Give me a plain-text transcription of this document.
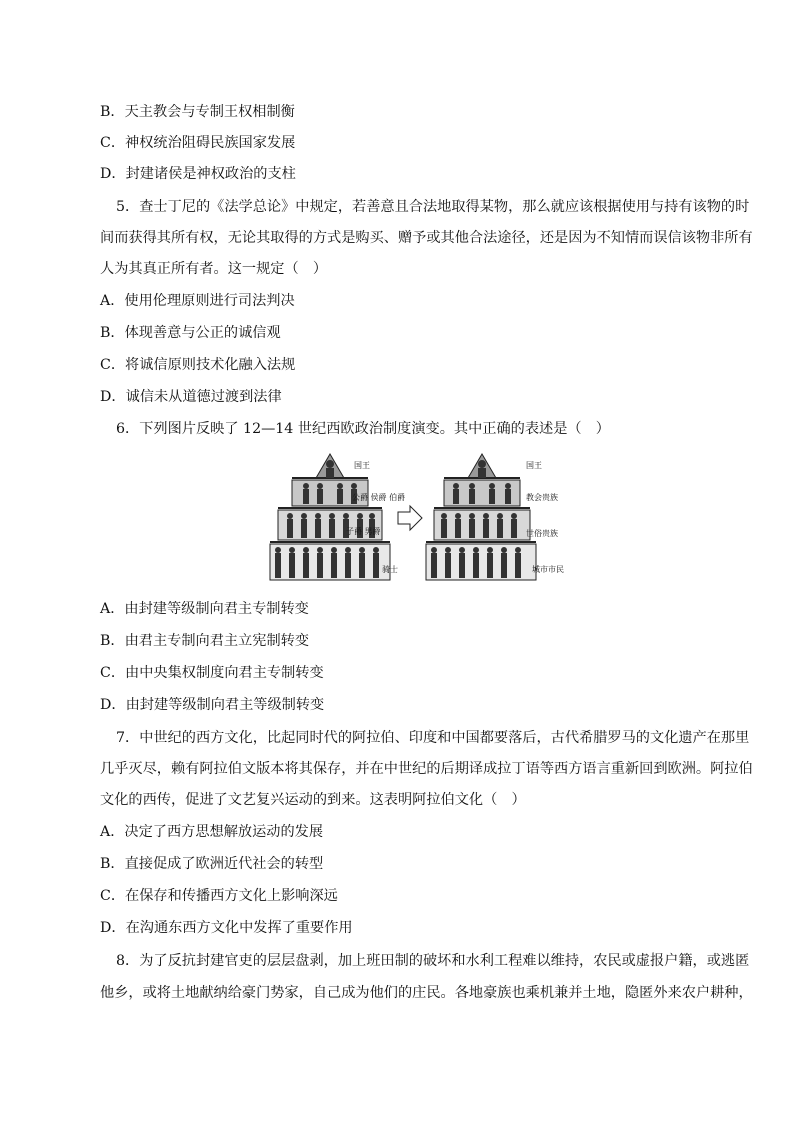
B．天主教会与专制王权相制衡
C．神权统治阻碍民族国家发展
D．封建诸侯是神权政治的支柱
5．查士丁尼的《法学总论》中规定，若善意且合法地取得某物，那么就应该根据使用与持有该物的时
间而获得其所有权，无论其取得的方式是购买、赠予或其他合法途径，还是因为不知情而误信该物非所有
人为其真正所有者。这一规定（　）
A．使用伦理原则进行司法判决
B．体现善意与公正的诚信观
C．将诚信原则技术化融入法规
D．诚信未从道德过渡到法律
6．下列图片反映了 12—14 世纪西欧政治制度演变。其中正确的表述是（　）
国王
公爵 侯爵 伯爵
子爵 男爵
骑士
国王
教会贵族
世俗贵族
城市市民
A．由封建等级制向君主专制转变
B．由君主专制向君主立宪制转变
C．由中央集权制度向君主专制转变
D．由封建等级制向君主等级制转变
7．中世纪的西方文化，比起同时代的阿拉伯、印度和中国都要落后，古代希腊罗马的文化遗产在那里
几乎灭尽，赖有阿拉伯文版本将其保存，并在中世纪的后期译成拉丁语等西方语言重新回到欧洲。阿拉伯
文化的西传，促进了文艺复兴运动的到来。这表明阿拉伯文化（　）
A．决定了西方思想解放运动的发展
B．直接促成了欧洲近代社会的转型
C．在保存和传播西方文化上影响深远
D．在沟通东西方文化中发挥了重要作用
8．为了反抗封建官吏的层层盘剥，加上班田制的破坏和水利工程难以维持，农民或虚报户籍，或逃匿
他乡，或将土地献纳给豪门势家，自己成为他们的庄民。各地豪族也乘机兼并土地，隐匿外来农户耕种，
